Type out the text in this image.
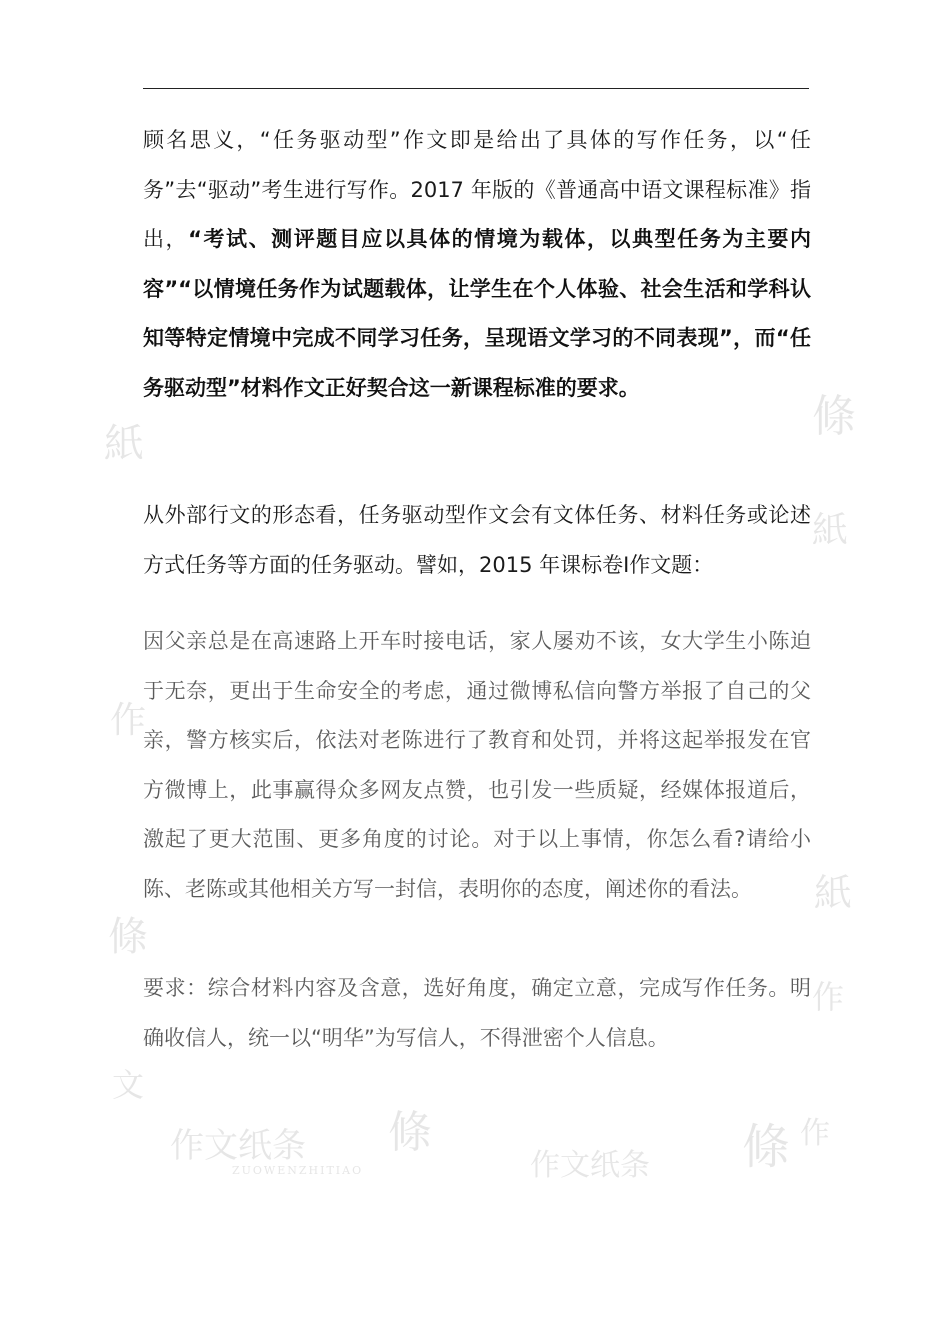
作文纸条
ZUOWENZHITIAO
條
作文纸条 條 作
紙
作
條
文
條
紙
紙
作

顾名思义，“任务驱动型”作文即是给出了具体的写作任务，以“任务”去“驱动”考生进行写作。2017 年版的《普通高中语文课程标准》指出，“考试、测评题目应以具体的情境为载体，以典型任务为主要内容”“以情境任务作为试题载体，让学生在个人体验、社会生活和学科认知等特定情境中完成不同学习任务，呈现语文学习的不同表现”，而“任务驱动型”材料作文正好契合这一新课程标准的要求。

从外部行文的形态看，任务驱动型作文会有文体任务、材料任务或论述方式任务等方面的任务驱动。譬如，2015 年课标卷Ⅰ作文题：

因父亲总是在高速路上开车时接电话，家人屡劝不该，女大学生小陈迫于无奈，更出于生命安全的考虑，通过微博私信向警方举报了自己的父亲，警方核实后，依法对老陈进行了教育和处罚，并将这起举报发在官方微博上，此事赢得众多网友点赞，也引发一些质疑，经媒体报道后，激起了更大范围、更多角度的讨论。对于以上事情，你怎么看?请给小陈、老陈或其他相关方写一封信，表明你的态度，阐述你的看法。

要求：综合材料内容及含意，选好角度，确定立意，完成写作任务。明确收信人，统一以“明华”为写信人，不得泄密个人信息。
